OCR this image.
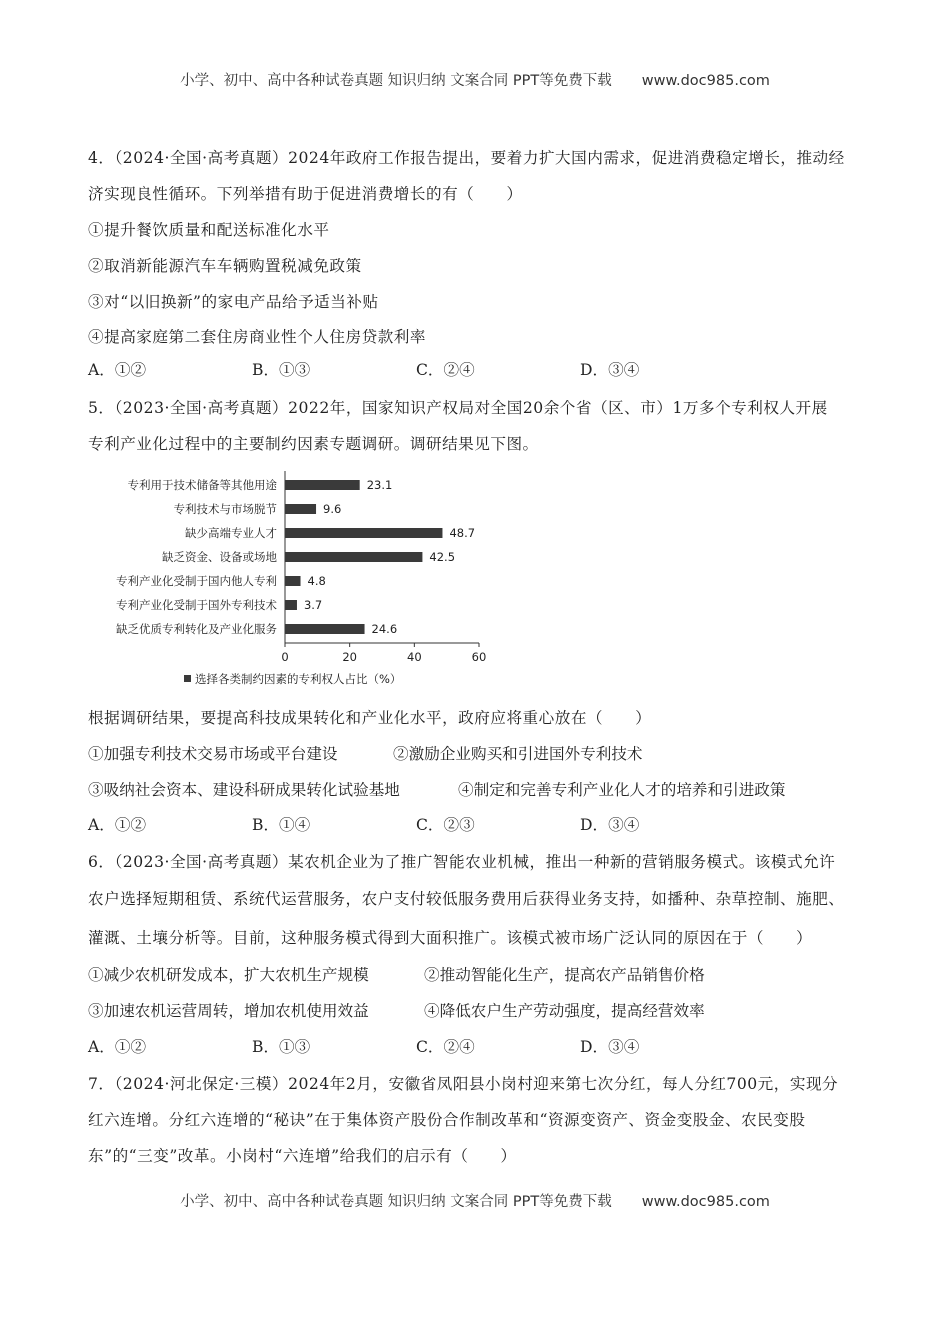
小学、初中、高中各种试卷真题 知识归纳 文案合同 PPT等免费下载 www.doc985.com
4．（2024·全国·高考真题）2024年政府工作报告提出，要着力扩大国内需求，促进消费稳定增长，推动经
济实现良性循环。下列举措有助于促进消费增长的有（　　）
①提升餐饮质量和配送标准化水平
②取消新能源汽车车辆购置税减免政策
③对“以旧换新”的家电产品给予适当补贴
④提高家庭第二套住房商业性个人住房贷款利率
A．①②	B．①③	C．②④	D．③④
5．（2023·全国·高考真题）2022年，国家知识产权局对全国20余个省（区、市）1万多个专利权人开展
专利产业化过程中的主要制约因素专题调研。调研结果见下图。
根据调研结果，要提高科技成果转化和产业化水平，政府应将重心放在（　　）
①加强专利技术交易市场或平台建设	②激励企业购买和引进国外专利技术
③吸纳社会资本、建设科研成果转化试验基地	④制定和完善专利产业化人才的培养和引进政策
A．①②	B．①④	C．②③	D．③④
6．（2023·全国·高考真题）某农机企业为了推广智能农业机械，推出一种新的营销服务模式。该模式允许
农户选择短期租赁、系统代运营服务，农户支付较低服务费用后获得业务支持，如播种、杂草控制、施肥、
灌溉、土壤分析等。目前，这种服务模式得到大面积推广。该模式被市场广泛认同的原因在于（　　）
①减少农机研发成本，扩大农机生产规模	②推动智能化生产，提高农产品销售价格
③加速农机运营周转，增加农机使用效益	④降低农户生产劳动强度，提高经营效率
A．①②	B．①③	C．②④	D．③④
7．（2024·河北保定·三模）2024年2月，安徽省凤阳县小岗村迎来第七次分红，每人分红700元，实现分
红六连增。分红六连增的“秘诀”在于集体资产股份合作制改革和“资源变资产、资金变股金、农民变股
东”的“三变”改革。小岗村“六连增”给我们的启示有（　　）
专利用于技术储备等其他用途	23.1
专利技术与市场脱节	9.6
缺少高端专业人才	48.7
缺乏资金、设备或场地	42.5
专利产业化受制于国内他人专利	4.8
专利产业化受制于国外专利技术 3.7
缺乏优质专利转化及产业化服务	24.6
0	20	40	60
选择各类制约因素的专利权人占比（%）
小学、初中、高中各种试卷真题 知识归纳 文案合同 PPT等免费下载 www.doc985.com
